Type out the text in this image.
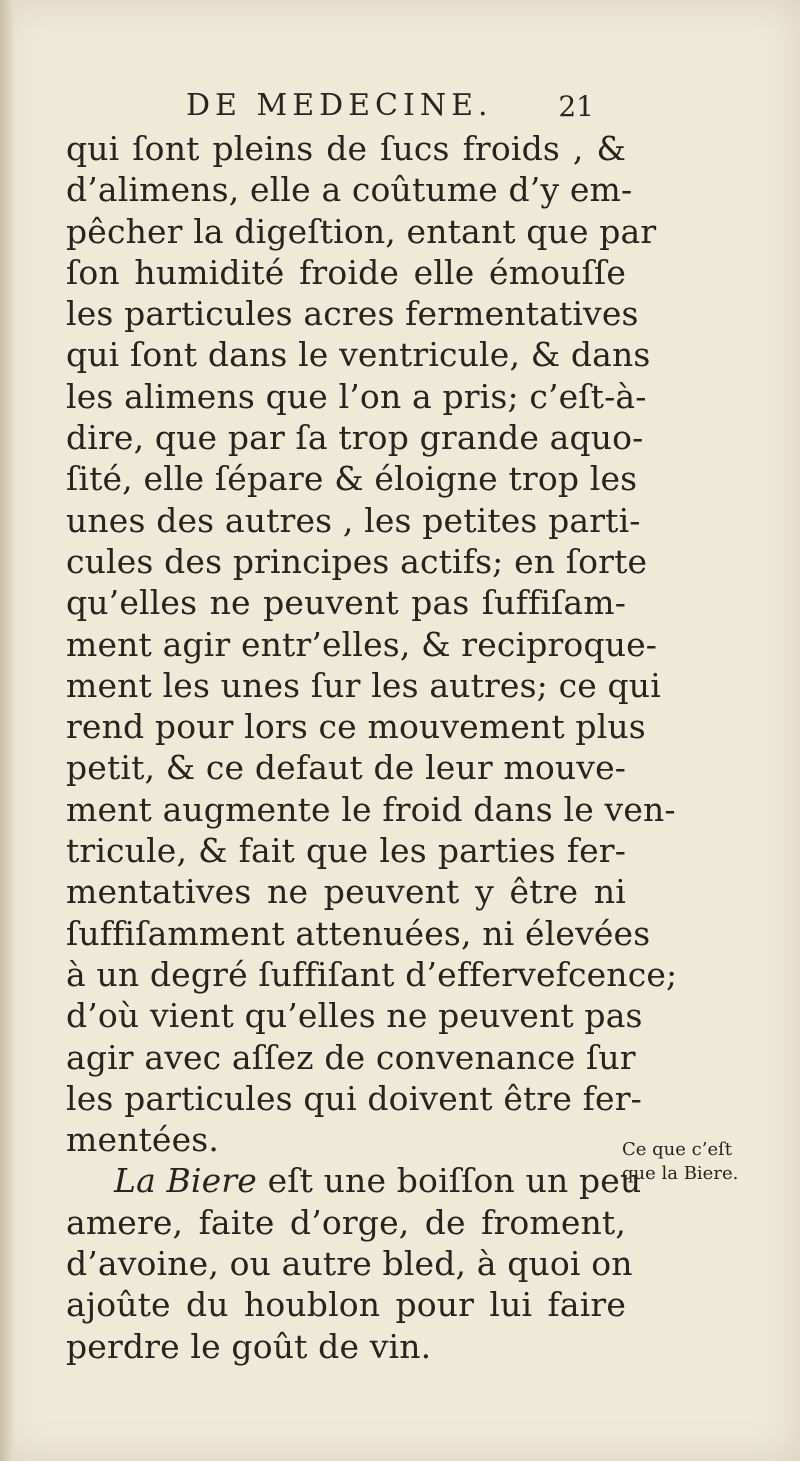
DE MEDECINE. 21
qui ſont pleins de ſucs froids , &
d’alimens, elle a coûtume d’y em-
pêcher la digeſtion, entant que par
ſon humidité froide elle émouſſe
les particules acres fermentatives
qui ſont dans le ventricule, & dans
les alimens que l’on a pris; c’eſt-à-
dire, que par ſa trop grande aquo-
ſité, elle ſépare & éloigne trop les
unes des autres , les petites parti-
cules des principes actifs; en ſorte
qu’elles ne peuvent pas ſuffiſam-
ment agir entr’elles, & reciproque-
ment les unes ſur les autres; ce qui
rend pour lors ce mouvement plus
petit, & ce defaut de leur mouve-
ment augmente le froid dans le ven-
tricule, & fait que les parties fer-
mentatives ne peuvent y être ni
ſuffiſamment attenuées, ni élevées
à un degré ſuffiſant d’effervefcence;
d’où vient qu’elles ne peuvent pas
agir avec aſſez de convenance ſur
les particules qui doivent être fer-
mentées.
La Biere eſt une boiſſon un peu
amere, faite d’orge, de froment,
d’avoine, ou autre bled, à quoi on
ajoûte du houblon pour lui faire
perdre le goût de vin.
Ce que c’eſt
que la Biere.
